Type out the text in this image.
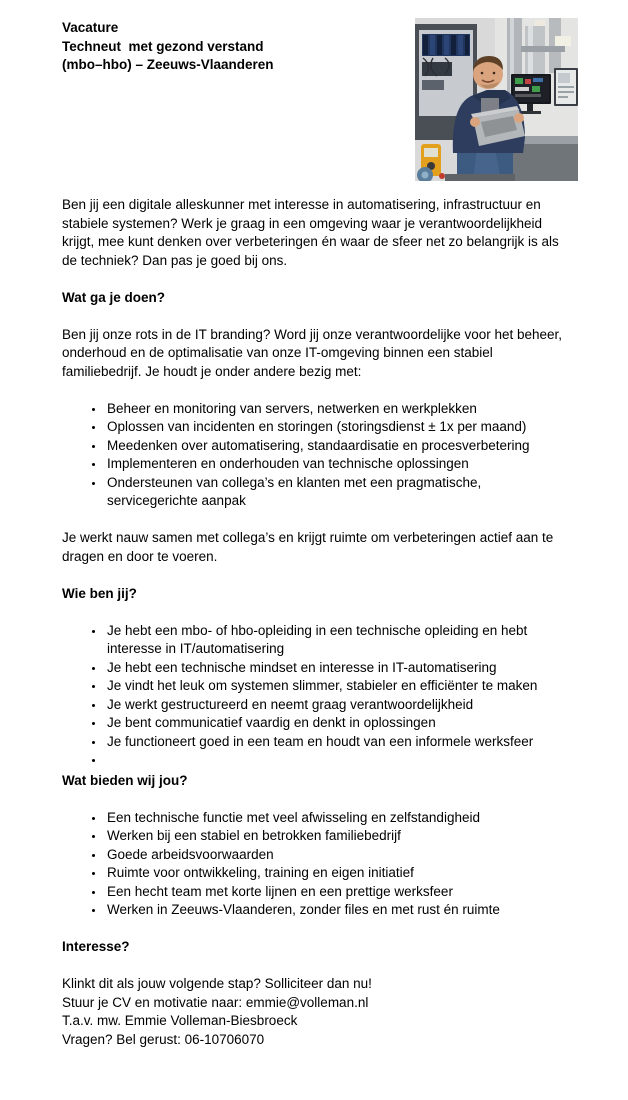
Vacature
Techneut  met gezond verstand
(mbo–hbo) – Zeeuws-Vlaanderen

Ben jij een digitale alleskunner met interesse in automatisering, infrastructuur en stabiele systemen? Werk je graag in een omgeving waar je verantwoordelijkheid krijgt, mee kunt denken over verbeteringen én waar de sfeer net zo belangrijk is als de techniek? Dan pas je goed bij ons.

Wat ga je doen?

Ben jij onze rots in de IT branding? Word jij onze verantwoordelijke voor het beheer, onderhoud en de optimalisatie van onze IT-omgeving binnen een stabiel familiebedrijf. Je houdt je onder andere bezig met:

• Beheer en monitoring van servers, netwerken en werkplekken
• Oplossen van incidenten en storingen (storingsdienst ± 1x per maand)
• Meedenken over automatisering, standaardisatie en procesverbetering
• Implementeren en onderhouden van technische oplossingen
• Ondersteunen van collega’s en klanten met een pragmatische, servicegerichte aanpak

Je werkt nauw samen met collega’s en krijgt ruimte om verbeteringen actief aan te dragen en door te voeren.

Wie ben jij?
• Je hebt een mbo- of hbo-opleiding in een technische opleiding en hebt interesse in IT/automatisering
• Je hebt een technische mindset en interesse in IT-automatisering
• Je vindt het leuk om systemen slimmer, stabieler en efficiënter te maken
• Je werkt gestructureerd en neemt graag verantwoordelijkheid
• Je bent communicatief vaardig en denkt in oplossingen
• Je functioneert goed in een team en houdt van een informele werksfeer
•
Wat bieden wij jou?
• Een technische functie met veel afwisseling en zelfstandigheid
• Werken bij een stabiel en betrokken familiebedrijf
• Goede arbeidsvoorwaarden
• Ruimte voor ontwikkeling, training en eigen initiatief
• Een hecht team met korte lijnen en een prettige werksfeer
• Werken in Zeeuws-Vlaanderen, zonder files en met rust én ruimte
Interesse?
Klinkt dit als jouw volgende stap? Solliciteer dan nu!
Stuur je CV en motivatie naar: emmie@volleman.nl
T.a.v. mw. Emmie Volleman-Biesbroeck
Vragen? Bel gerust: 06-10706070
